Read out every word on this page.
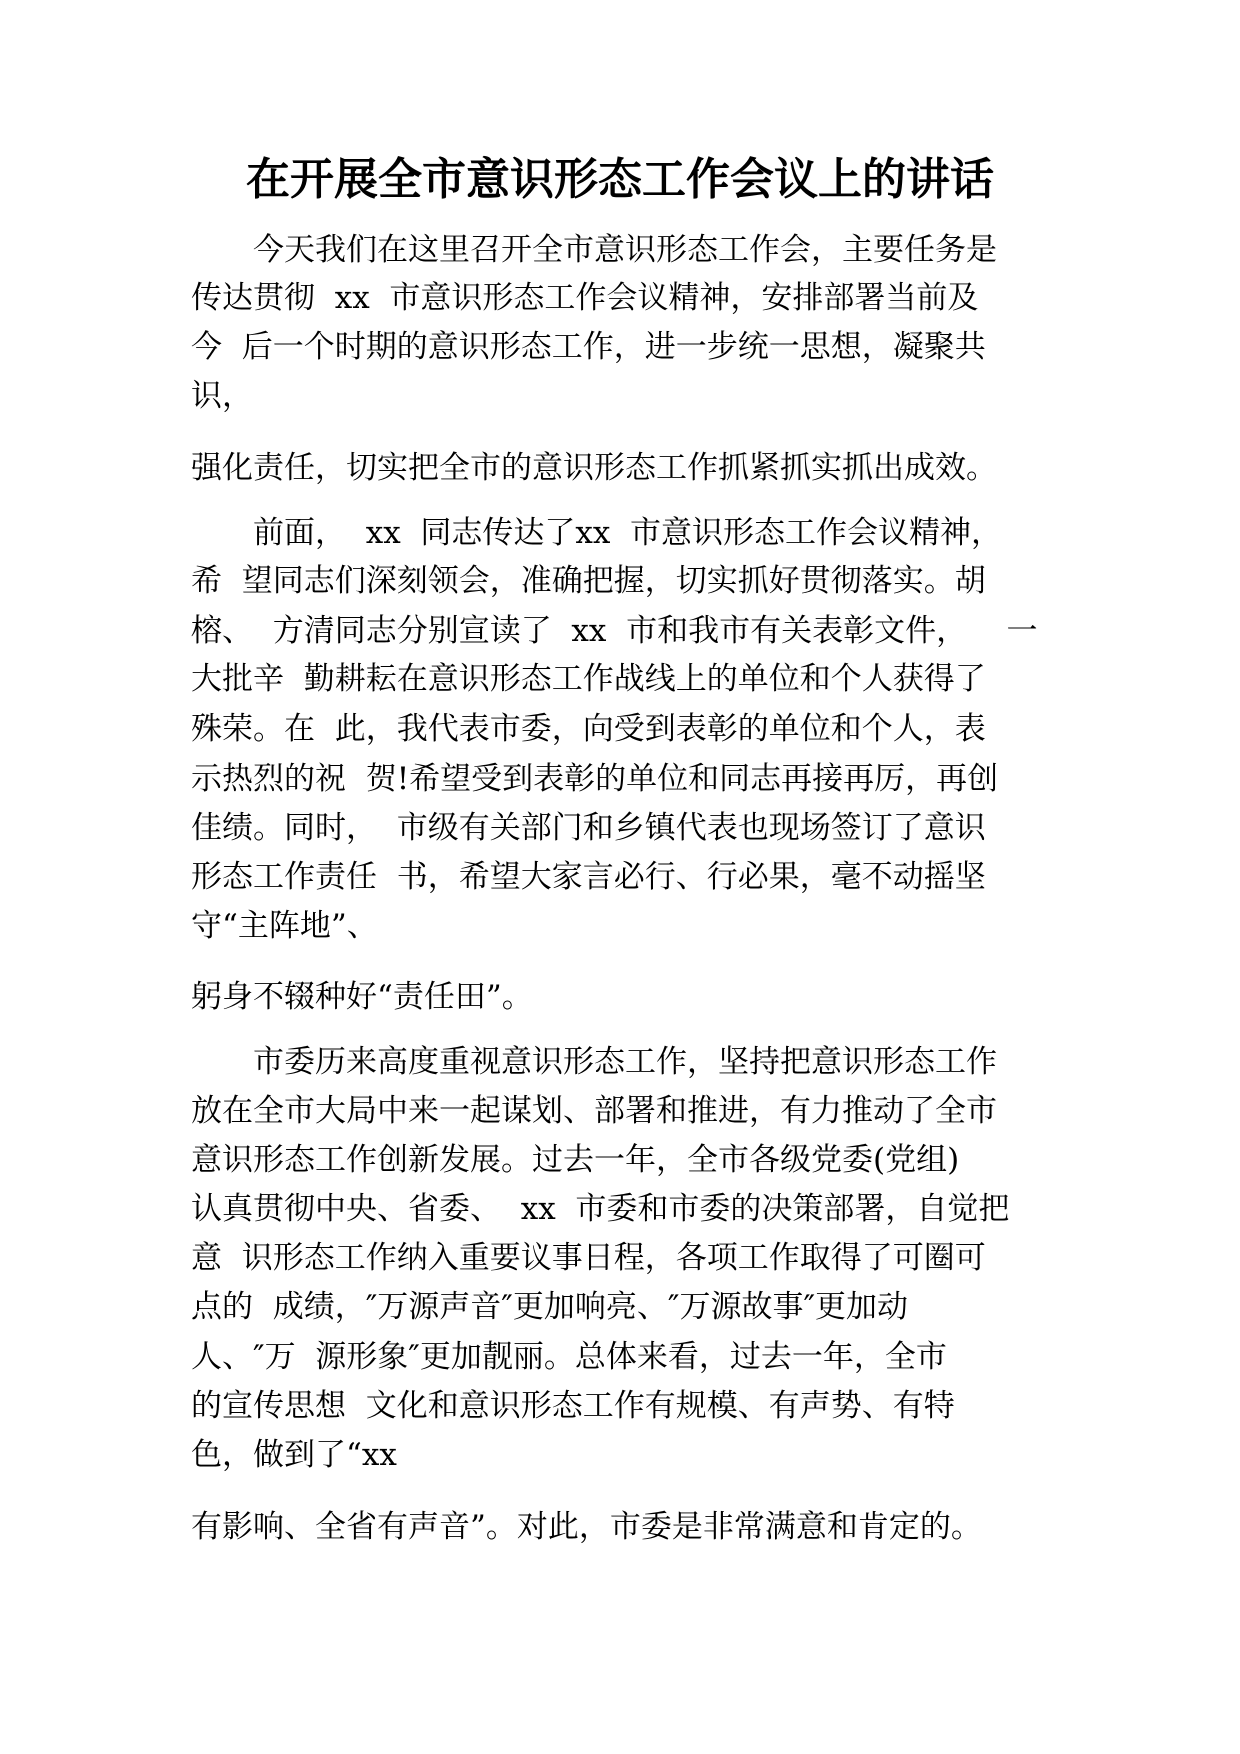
在开展全市意识形态工作会议上的讲话

　　今天我们在这里召开全市意识形态工作会，主要任务是

传达贯彻  xx  市意识形态工作会议精神，安排部署当前及

今  后一个时期的意识形态工作，进一步统一思想，凝聚共

识，

强化责任，切实把全市的意识形态工作抓紧抓实抓出成效。

　　前面，  xx  同志传达了xx  市意识形态工作会议精神，

希  望同志们深刻领会，准确把握，切实抓好贯彻落实。胡

榕、  方清同志分别宣读了  xx  市和我市有关表彰文件，    一

大批辛  勤耕耘在意识形态工作战线上的单位和个人获得了

殊荣。在  此，我代表市委，向受到表彰的单位和个人，表

示热烈的祝  贺!希望受到表彰的单位和同志再接再厉，再创

佳绩。同时，  市级有关部门和乡镇代表也现场签订了意识

形态工作责任  书，希望大家言必行、行必果，毫不动摇坚

守“主阵地”、

躬身不辍种好“责任田”。

　　市委历来高度重视意识形态工作，坚持把意识形态工作

放在全市大局中来一起谋划、部署和推进，有力推动了全市

意识形态工作创新发展。过去一年，全市各级党委(党组)

认真贯彻中央、省委、  xx  市委和市委的决策部署，自觉把

意  识形态工作纳入重要议事日程，各项工作取得了可圈可

点的  成绩，″万源声音″更加响亮、″万源故事″更加动

人、″万  源形象″更加靓丽。总体来看，过去一年，全市

的宣传思想  文化和意识形态工作有规模、有声势、有特

色，做到了“xx

有影响、全省有声音”。对此，市委是非常满意和肯定的。
